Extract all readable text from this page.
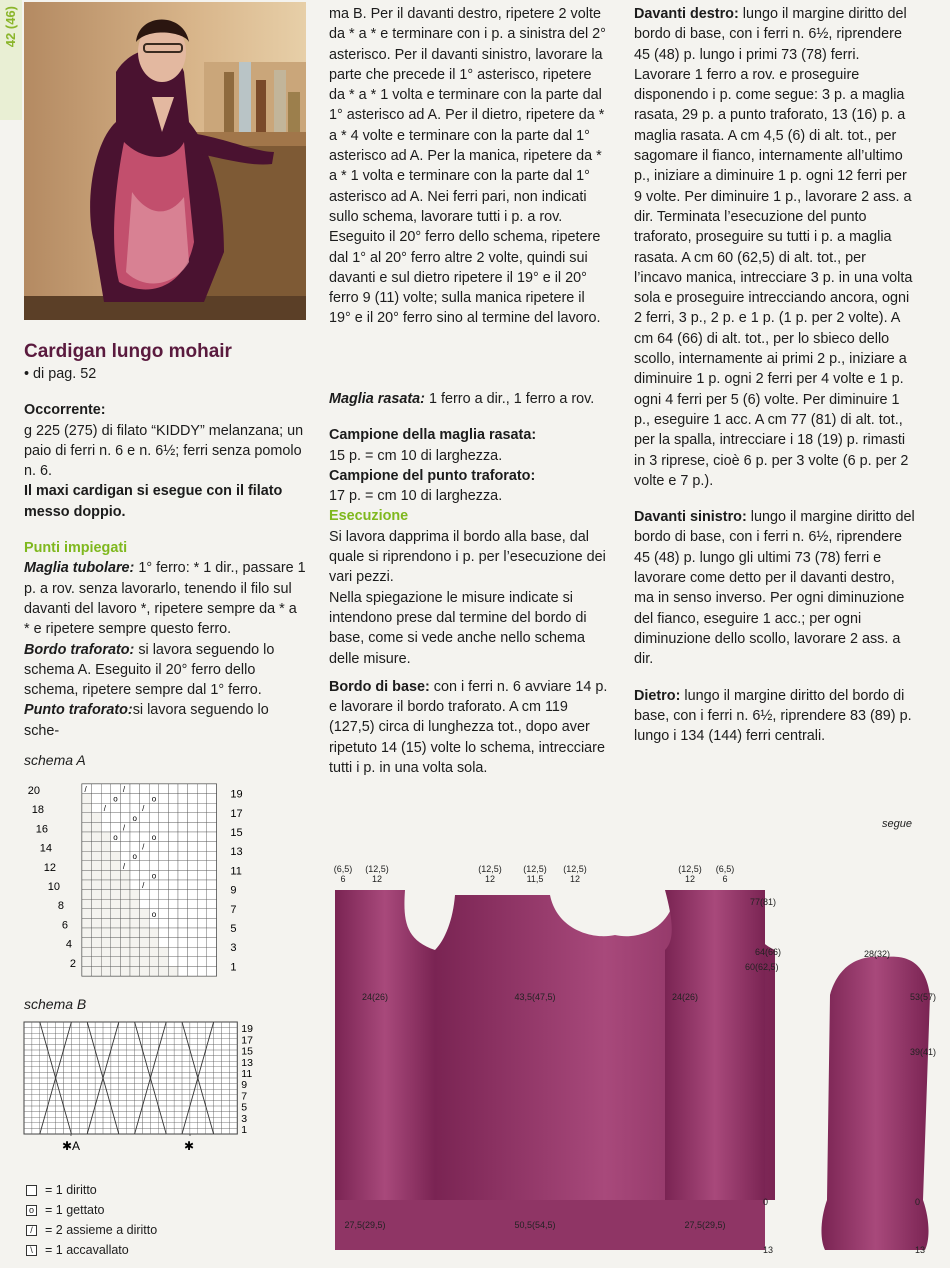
42 (46)
Cardigan lungo mohair

• di pag. 52

Occorrente:

g 225 (275) di filato “KIDDY” melanzana; un paio di ferri n. 6 e n. 6½; ferri senza pomolo n. 6.

Il maxi cardigan si esegue con il filato messo doppio.

Punti impiegati

Maglia tubolare: 1° ferro: * 1 dir., passare 1 p. a rov. senza lavorarlo, tenendo il filo sul davanti del lavoro *, ripetere sempre da * a * e ripetere sempre questo ferro.

Bordo traforato: si lavora seguendo lo schema A. Eseguito il 20° ferro dello schema, ripetere sempre dal 1° ferro.

Punto traforato:si lavora seguendo lo sche-

schema A
/	/
o	o
/	/
o
/
o	o
/
o
/
o
/
o
20
18
16
14
12
10
8
6
4
2
19
17
15
13
11
9
7
5
3
1
schema B
19
17
15
13
11
9
7
5
3
1
✱A	✱
= 1 diritto
o = 1 gettato
/ = 2 assieme a diritto
\ = 1 accavallato

ma B. Per il davanti destro, ripetere 2 volte da * a * e terminare con i p. a sinistra del 2° asterisco. Per il davanti sinistro, lavorare la parte che precede il 1° asterisco, ripetere da * a * 1 volta e terminare con la parte dal 1° asterisco ad A. Per il dietro, ripetere da * a * 4 volte e terminare con la parte dal 1° asterisco ad A. Per la manica, ripetere da * a * 1 volta e terminare con la parte dal 1° asterisco ad A. Nei ferri pari, non indicati sullo schema, lavorare tutti i p. a rov. Eseguito il 20° ferro dello schema, ripetere dal 1° al 20° ferro altre 2 volte, quindi sui davanti e sul dietro ripetere il 19° e il 20° ferro 9 (11) volte; sulla manica ripetere il 19° e il 20° ferro sino al termine del lavoro.

Maglia rasata: 1 ferro a dir., 1 ferro a rov.

Campione della maglia rasata:

15 p. = cm 10 di larghezza.

Campione del punto traforato:

17 p. = cm 10 di larghezza.

Esecuzione

Si lavora dapprima il bordo alla base, dal quale si riprendono i p. per l’esecuzione dei vari pezzi.

Nella spiegazione le misure indicate si intendono prese dal termine del bordo di base, come si vede anche nello schema delle misure.

Bordo di base: con i ferri n. 6 avviare 14 p. e lavorare il bordo traforato. A cm 119 (127,5) circa di lunghezza tot., dopo aver ripetuto 14 (15) volte lo schema, intrecciare tutti i p. in una volta sola.

Davanti destro: lungo il margine diritto del bordo di base, con i ferri n. 6½, riprendere 45 (48) p. lungo i primi 73 (78) ferri. Lavorare 1 ferro a rov. e proseguire disponendo i p. come segue: 3 p. a maglia rasata, 29 p. a punto traforato, 13 (16) p. a maglia rasata. A cm 4,5 (6) di alt. tot., per sagomare il fianco, internamente all’ultimo p., iniziare a diminuire 1 p. ogni 12 ferri per 9 volte. Per diminuire 1 p., lavorare 2 ass. a dir. Terminata l’esecuzione del punto traforato, proseguire su tutti i p. a maglia rasata. A cm 60 (62,5) di alt. tot., per l’incavo manica, intrecciare 3 p. in una volta sola e proseguire intrecciando ancora, ogni 2 ferri, 3 p., 2 p. e 1 p. (1 p. per 2 volte). A cm 64 (66) di alt. tot., per lo sbieco dello scollo, internamente ai primi 2 p., iniziare a diminuire 1 p. ogni 2 ferri per 4 volte e 1 p. ogni 4 ferri per 5 (6) volte. Per diminuire 1 p., eseguire 1 acc. A cm 77 (81) di alt. tot., per la spalla, intrecciare i 18 (19) p. rimasti in 3 riprese, cioè 6 p. per 3 volte (6 p. per 2 volte e 7 p.).

Davanti sinistro: lungo il margine diritto del bordo di base, con i ferri n. 6½, riprendere 45 (48) p. lungo gli ultimi 73 (78) ferri e lavorare come detto per il davanti destro, ma in senso inverso. Per ogni diminuzione del fianco, eseguire 1 acc.; per ogni diminuzione dello scollo, lavorare 2 ass. a dir.

Dietro: lungo il margine diritto del bordo di base, con i ferri n. 6½, riprendere 83 (89) p. lungo i 134 (144) ferri centrali.

segue
(6,5)
6
(12,5)
12
(12,5)
12
(12,5)
11,5
(12,5)
12
(12,5)
12
(6,5)
6
24(26)	43,5(47,5)	24(26)
27,5(29,5)	50,5(54,5)	27,5(29,5)
77(81)
64(66)
60(62,5)
0
13
28(32)
53(57)
39(41)
0
13
